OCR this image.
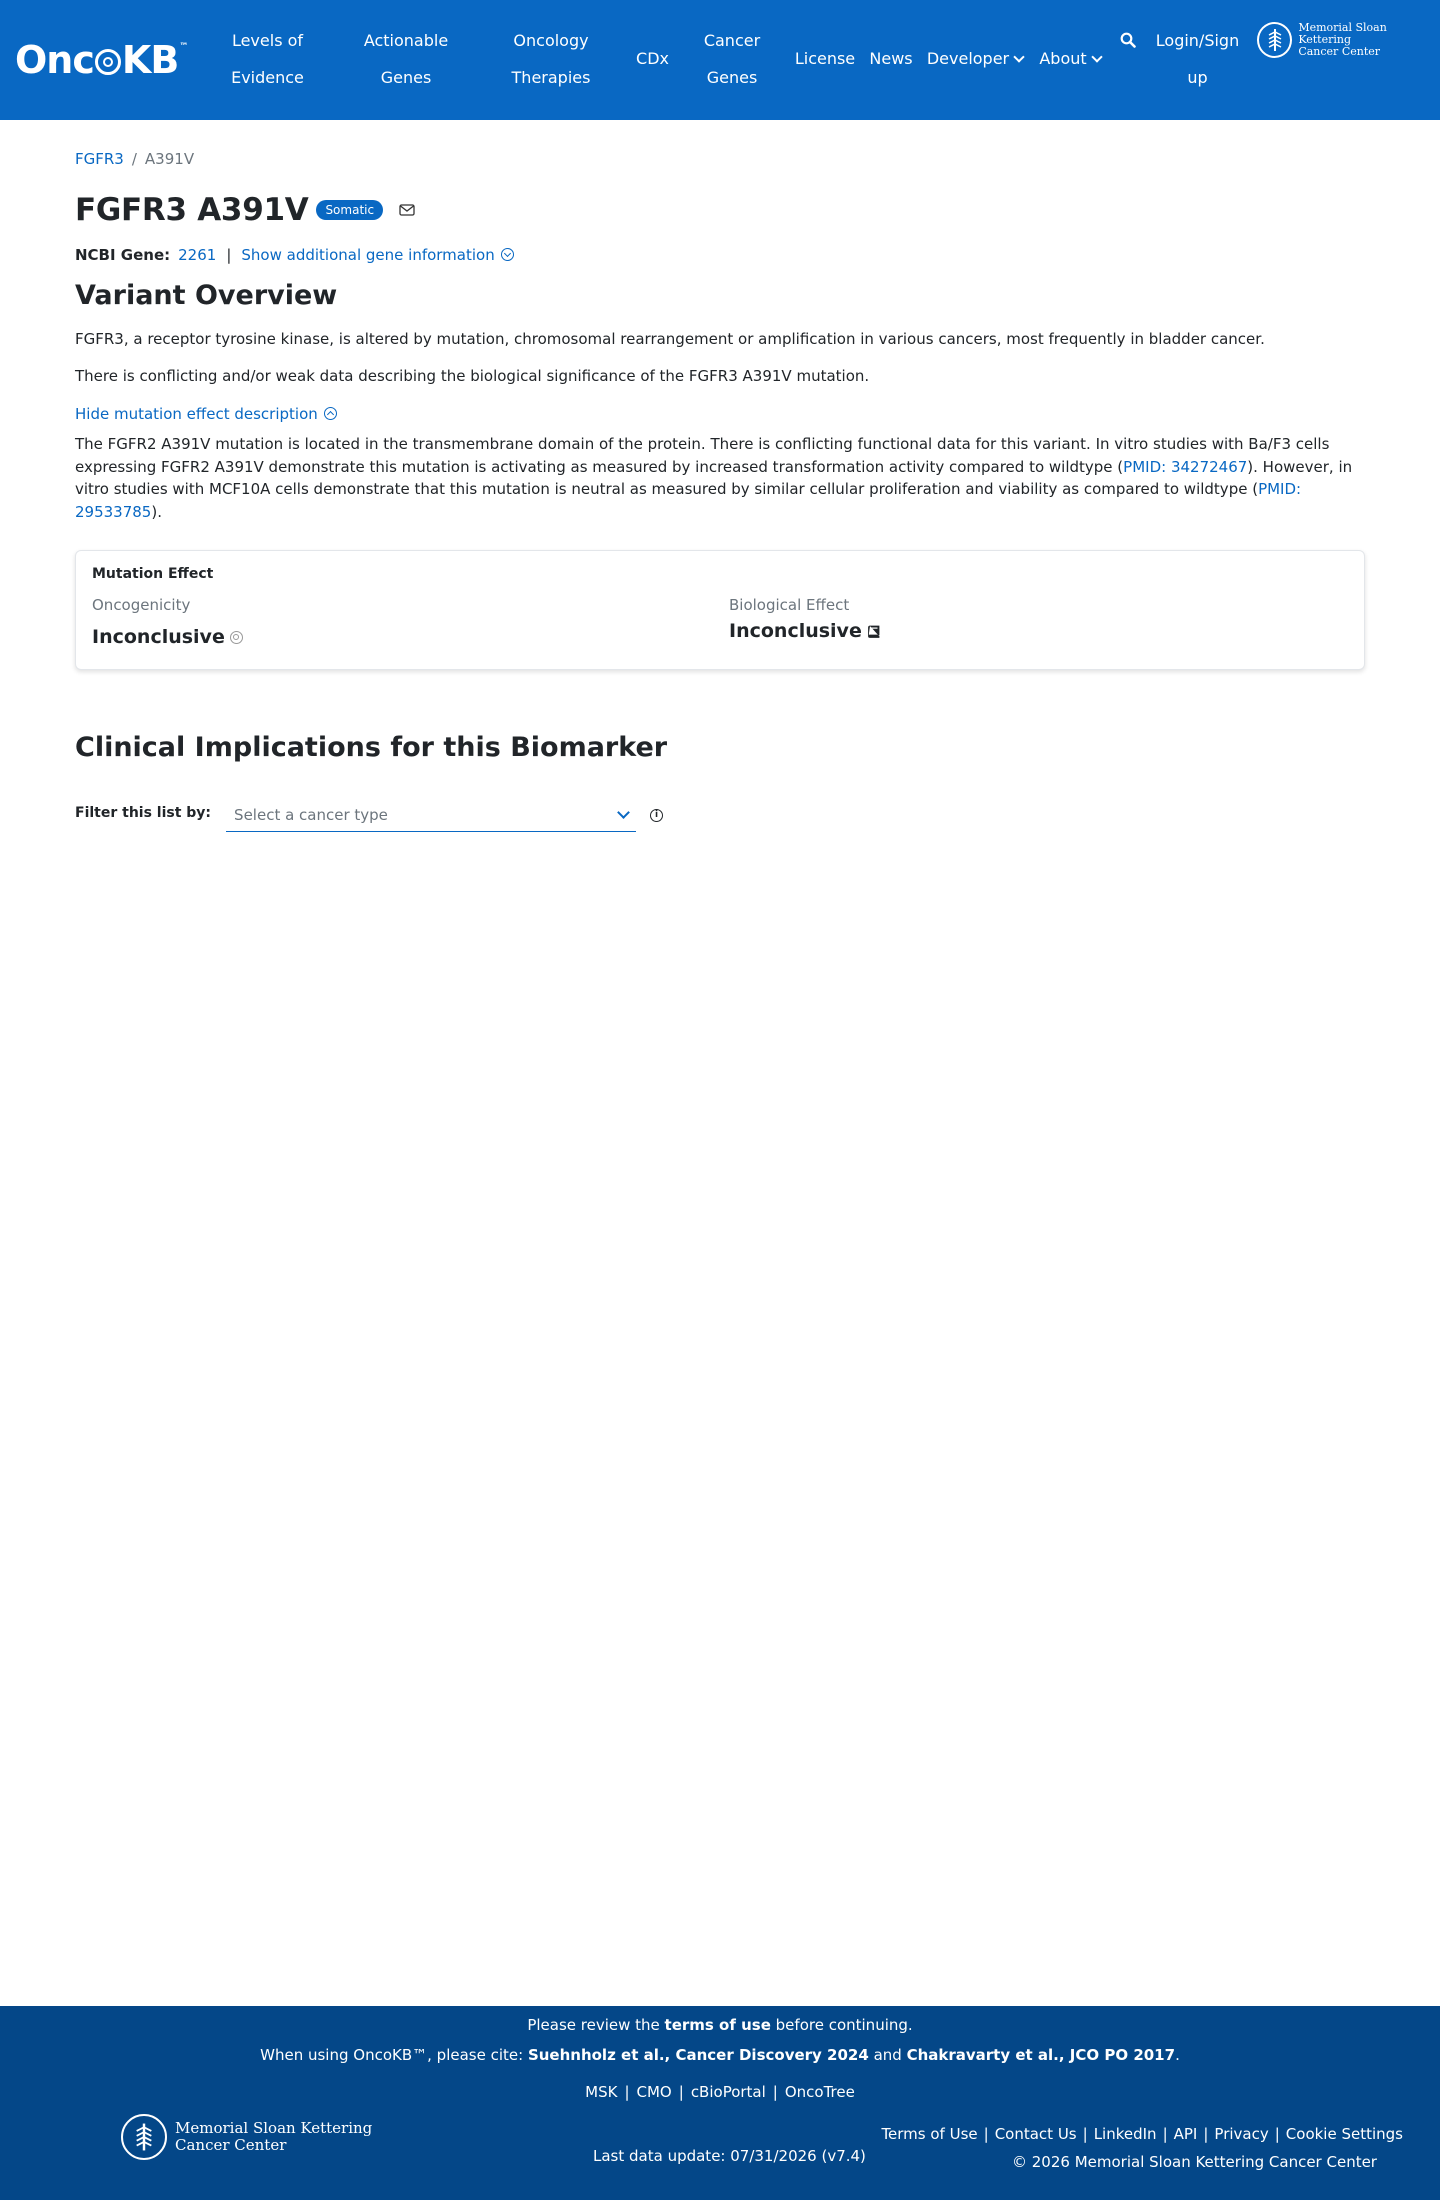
Onc KB ™	Levels of
Evidence
Actionable
Genes
Oncology
Therapies
CDx
Cancer
Genes
License News Developer	About
Login/Sign
up
Memorial Sloan Kettering
Cancer Center
FGFR3 / A391V
FGFR3 A391V	Somatic
NCBI Gene: 2261 | Show additional gene information
Variant Overview

FGFR3, a receptor tyrosine kinase, is altered by mutation, chromosomal rearrangement or amplification in various cancers, most frequently in bladder cancer.

There is conflicting and/or weak data describing the biological significance of the FGFR3 A391V mutation.

Hide mutation effect description

The FGFR2 A391V mutation is located in the transmembrane domain of the protein. There is conflicting functional data for this variant. In vitro studies with Ba/F3 cells expressing FGFR2 A391V demonstrate this mutation is activating as measured by increased transformation activity compared to wildtype (PMID: 34272467). However, in vitro studies with MCF10A cells demonstrate that this mutation is neutral as measured by similar cellular proliferation and viability as compared to wildtype (PMID: 29533785).

Mutation Effect
Oncogenicity
Inconclusive
Biological Effect
Inconclusive
Clinical Implications for this Biomarker
Filter this list by:	Select a cancer type	i
Please review the terms of use before continuing.
When using OncoKB™, please cite: Suehnholz et al., Cancer Discovery 2024 and Chakravarty et al., JCO PO 2017.
MSK | CMO | cBioPortal | OncoTree
Memorial Sloan Kettering
Cancer Center
Last data update: 07/31/2026 (v7.4)
Terms of Use | Contact Us | LinkedIn | API | Privacy | Cookie Settings
© 2026 Memorial Sloan Kettering Cancer Center
